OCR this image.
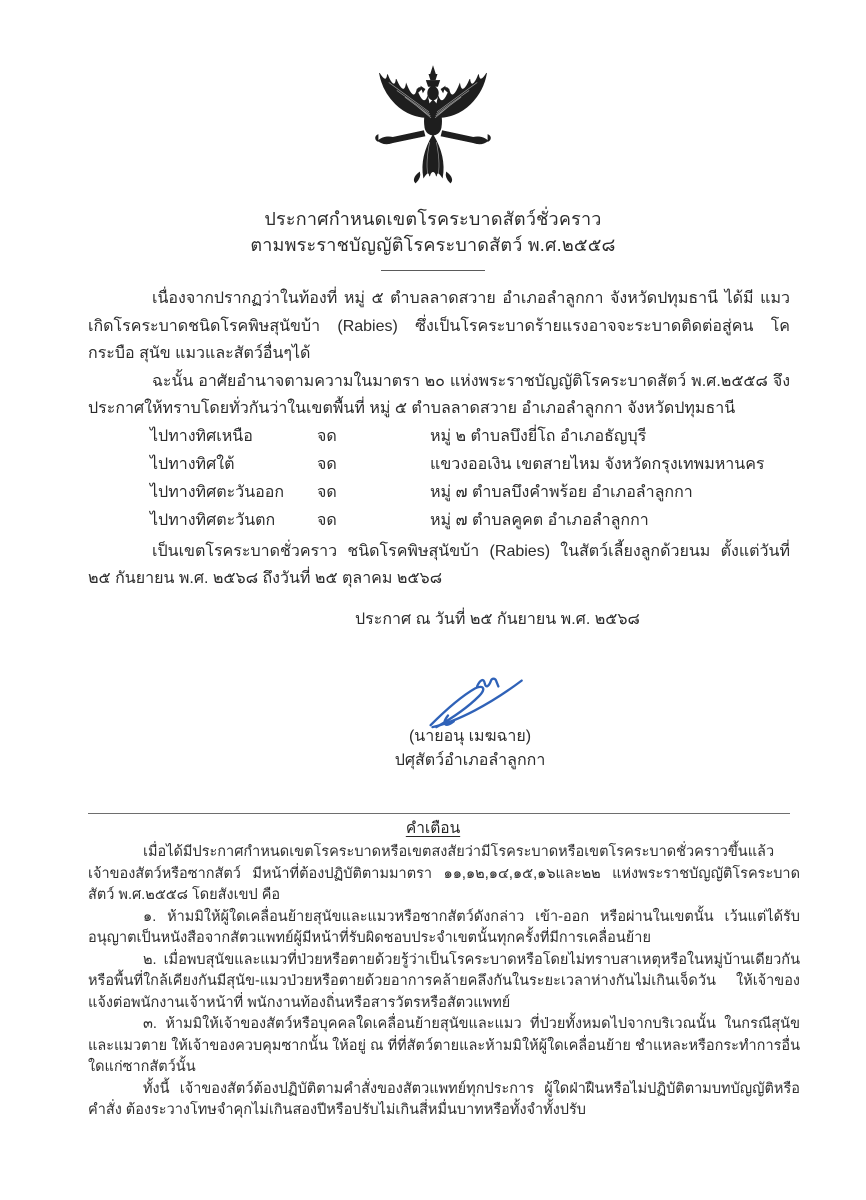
ประกาศกำหนดเขตโรคระบาดสัตว์ชั่วคราว
ตามพระราชบัญญัติโรคระบาดสัตว์ พ.ศ.๒๕๕๘

เนื่องจากปรากฏว่าในท้องที่ หมู่ ๕ ตำบลลาดสวาย อำเภอลำลูกกา จังหวัดปทุมธานี ได้มี แมวเกิดโรคระบาดชนิดโรคพิษสุนัขบ้า (Rabies) ซึ่งเป็นโรคระบาดร้ายแรงอาจจะระบาดติดต่อสู่คน โค กระบือ สุนัข แมวและสัตว์อื่นๆได้

ฉะนั้น อาศัยอำนาจตามความในมาตรา ๒๐ แห่งพระราชบัญญัติโรคระบาดสัตว์ พ.ศ.๒๕๕๘ จึงประกาศให้ทราบโดยทั่วกันว่าในเขตพื้นที่ หมู่ ๕ ตำบลลาดสวาย อำเภอลำลูกกา จังหวัดปทุมธานี

ไปทางทิศเหนือ	จด	หมู่ ๒ ตำบลบึงยี่โถ อำเภอธัญบุรี
ไปทางทิศใต้	จด	แขวงออเงิน เขตสายไหม จังหวัดกรุงเทพมหานคร
ไปทางทิศตะวันออก	จด	หมู่ ๗ ตำบลบึงคำพร้อย อำเภอลำลูกกา
ไปทางทิศตะวันตก	จด	หมู่ ๗ ตำบลคูคต อำเภอลำลูกกา

เป็นเขตโรคระบาดชั่วคราว ชนิดโรคพิษสุนัขบ้า (Rabies) ในสัตว์เลี้ยงลูกด้วยนม ตั้งแต่วันที่ ๒๕ กันยายน พ.ศ. ๒๕๖๘ ถึงวันที่ ๒๕ ตุลาคม ๒๕๖๘

ประกาศ ณ วันที่ ๒๕ กันยายน พ.ศ. ๒๕๖๘

(นายอนุ เมฆฉาย)
ปศุสัตว์อำเภอลำลูกกา
คำเตือน

เมื่อได้มีประกาศกำหนดเขตโรคระบาดหรือเขตสงสัยว่ามีโรคระบาดหรือเขตโรคระบาดชั่วคราวขึ้นแล้ว เจ้าของสัตว์หรือซากสัตว์ มีหน้าที่ต้องปฏิบัติตามมาตรา ๑๑,๑๒,๑๔,๑๕,๑๖และ๒๒ แห่งพระราชบัญญัติโรคระบาดสัตว์ พ.ศ.๒๕๕๘ โดยสังเขป คือ

๑. ห้ามมิให้ผู้ใดเคลื่อนย้ายสุนัขและแมวหรือซากสัตว์ดังกล่าว เข้า-ออก หรือผ่านในเขตนั้น เว้นแต่ได้รับอนุญาตเป็นหนังสือจากสัตวแพทย์ผู้มีหน้าที่รับผิดชอบประจำเขตนั้นทุกครั้งที่มีการเคลื่อนย้าย

๒. เมื่อพบสุนัขและแมวที่ป่วยหรือตายด้วยรู้ว่าเป็นโรคระบาดหรือโดยไม่ทราบสาเหตุหรือในหมู่บ้านเดียวกันหรือพื้นที่ใกล้เคียงกันมีสุนัข-แมวป่วยหรือตายด้วยอาการคล้ายคลึงกันในระยะเวลาห่างกันไม่เกินเจ็ดวัน ให้เจ้าของแจ้งต่อพนักงานเจ้าหน้าที่ พนักงานท้องถิ่นหรือสารวัตรหรือสัตวแพทย์

๓. ห้ามมิให้เจ้าของสัตว์หรือบุคคลใดเคลื่อนย้ายสุนัขและแมว ที่ป่วยทั้งหมดไปจากบริเวณนั้น ในกรณีสุนัขและแมวตาย ให้เจ้าของควบคุมซากนั้น ให้อยู่ ณ ที่ที่สัตว์ตายและห้ามมิให้ผู้ใดเคลื่อนย้าย ชำแหละหรือกระทำการอื่นใดแก่ซากสัตว์นั้น

ทั้งนี้ เจ้าของสัตว์ต้องปฏิบัติตามคำสั่งของสัตวแพทย์ทุกประการ ผู้ใดฝ่าฝืนหรือไม่ปฏิบัติตามบทบัญญัติหรือคำสั่ง ต้องระวางโทษจำคุกไม่เกินสองปีหรือปรับไม่เกินสี่หมื่นบาทหรือทั้งจำทั้งปรับ
